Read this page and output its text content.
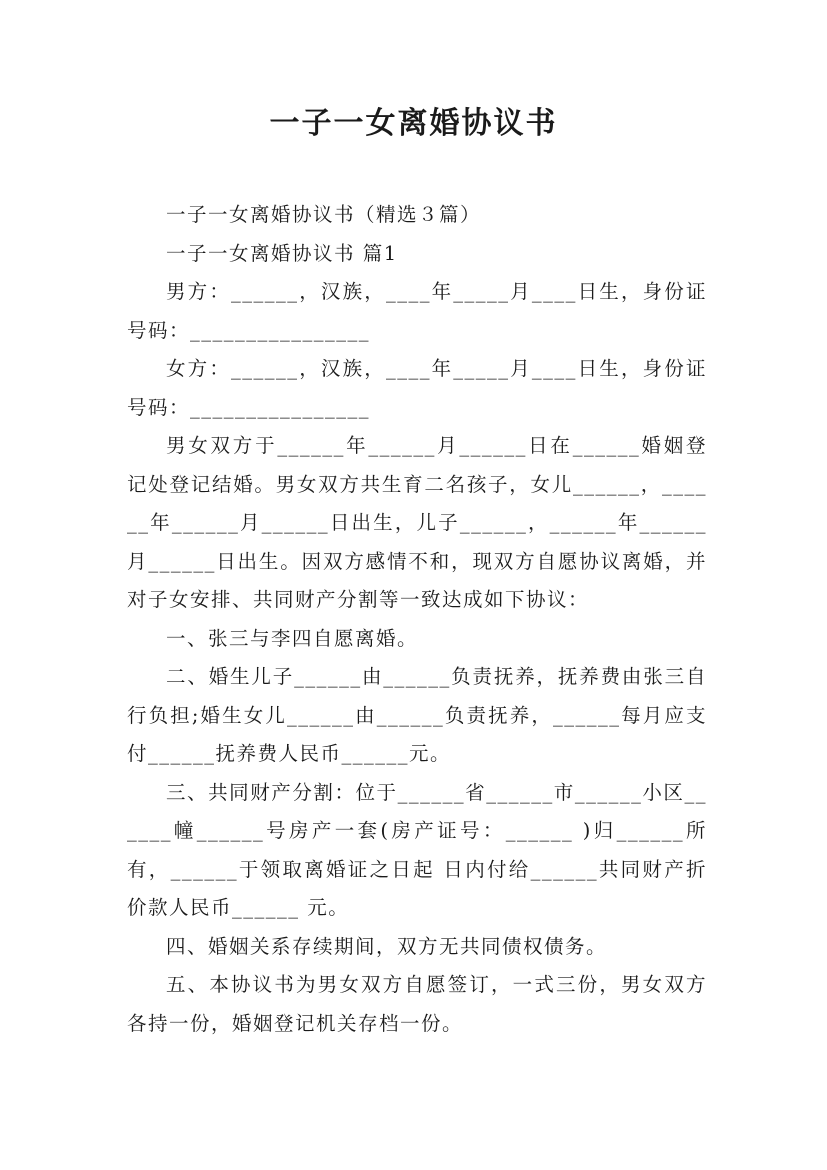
一子一女离婚协议书

一子一女离婚协议书（精选３篇）

一子一女离婚协议书 篇1

男方：______，汉族，____年_____月____日生，身份证号码：________________

女方：______，汉族，____年_____月____日生，身份证号码：________________

男女双方于______年______月______日在______婚姻登记处登记结婚。男女双方共生育二名孩子，女儿______，______年______月______日出生，儿子______，______年______月______日出生。因双方感情不和，现双方自愿协议离婚，并对子女安排、共同财产分割等一致达成如下协议：

一、张三与李四自愿离婚。

二、婚生儿子______由______负责抚养，抚养费由张三自行负担;婚生女儿______由______负责抚养，______每月应支付______抚养费人民币______元。

三、共同财产分割：位于______省______市______小区______幢______号房产一套(房产证号：______ )归______所有，______于领取离婚证之日起 日内付给______共同财产折价款人民币______ 元。

四、婚姻关系存续期间，双方无共同债权债务。

五、本协议书为男女双方自愿签订，一式三份，男女双方各持一份，婚姻登记机关存档一份。
